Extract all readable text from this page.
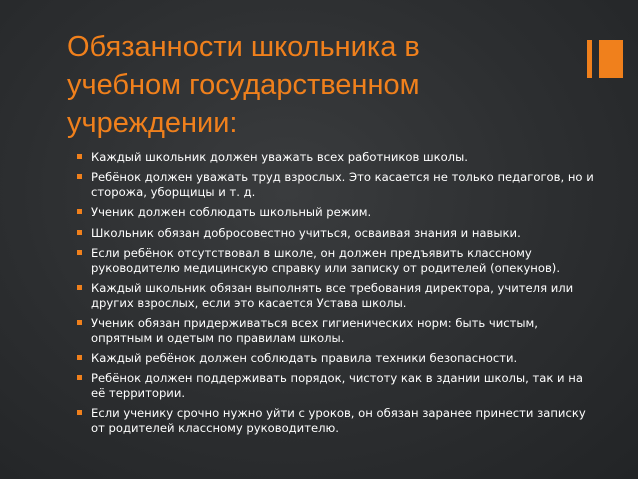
Обязанности школьника в учебном государственном учреждении:
Каждый школьник должен уважать всех работников школы.
Ребёнок должен уважать труд взрослых. Это касается не только педагогов, но и сторожа, уборщицы и т. д.
Ученик должен соблюдать школьный режим.
Школьник обязан добросовестно учиться, осваивая знания и навыки.
Если ребёнок отсутствовал в школе, он должен предъявить классному руководителю медицинскую справку или записку от родителей (опекунов).
Каждый школьник обязан выполнять все требования директора, учителя или других взрослых, если это касается Устава школы.
Ученик обязан придерживаться всех гигиенических норм: быть чистым, опрятным и одетым по правилам школы.
Каждый ребёнок должен соблюдать правила техники безопасности.
Ребёнок должен поддерживать порядок, чистоту как в здании школы, так и на её территории.
Если ученику срочно нужно уйти с уроков, он обязан заранее принести записку от родителей классному руководителю.
